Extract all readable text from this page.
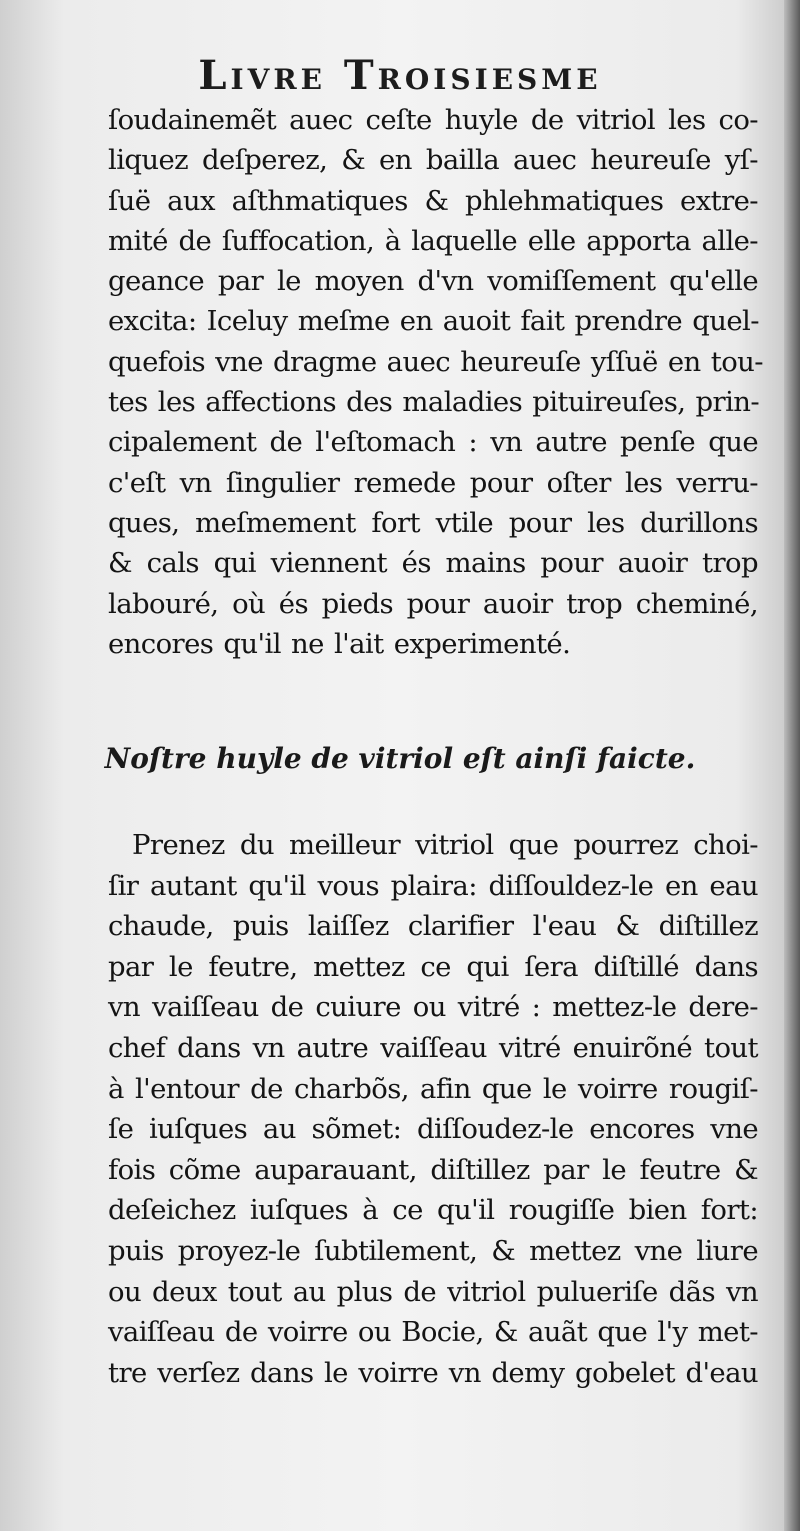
Livre Troisiesme
ſoudainemẽt auec ceſte huyle de vitriol les co-
liquez deſperez, & en bailla auec heureuſe yſ-
ſuë aux aſthmatiques & phlehmatiques extre-
mité de ſuffocation, à laquelle elle apporta alle-
geance par le moyen d'vn vomiſſement qu'elle
excita: Iceluy meſme en auoit fait prendre quel-
quefois vne dragme auec heureuſe yſſuë en tou-
tes les affections des maladies pituireuſes, prin-
cipalement de l'eſtomach : vn autre penſe que
c'eſt vn ſingulier remede pour oſter les verru-
ques, meſmement fort vtile pour les durillons
& cals qui viennent és mains pour auoir trop
labouré, où és pieds pour auoir trop cheminé,
encores qu'il ne l'ait experimenté.
Noſtre huyle de vitriol eſt ainſi faicte.
Prenez du meilleur vitriol que pourrez choi-
ſir autant qu'il vous plaira: diſſouldez-le en eau
chaude, puis laiſſez clarifier l'eau & diſtillez
par le feutre, mettez ce qui ſera diſtillé dans
vn vaiſſeau de cuiure ou vitré : mettez-le dere-
chef dans vn autre vaiſſeau vitré enuirõné tout
à l'entour de charbõs, afin que le voirre rougiſ-
ſe iuſques au sõmet: diſſoudez-le encores vne
fois cõme auparauant, diſtillez par le feutre &
deſeichez iuſques à ce qu'il rougiſſe bien fort:
puis proyez-le ſubtilement, & mettez vne liure
ou deux tout au plus de vitriol pulueriſe dãs vn
vaiſſeau de voirre ou Bocie, & auãt que l'y met-
tre verſez dans le voirre vn demy gobelet d'eau
